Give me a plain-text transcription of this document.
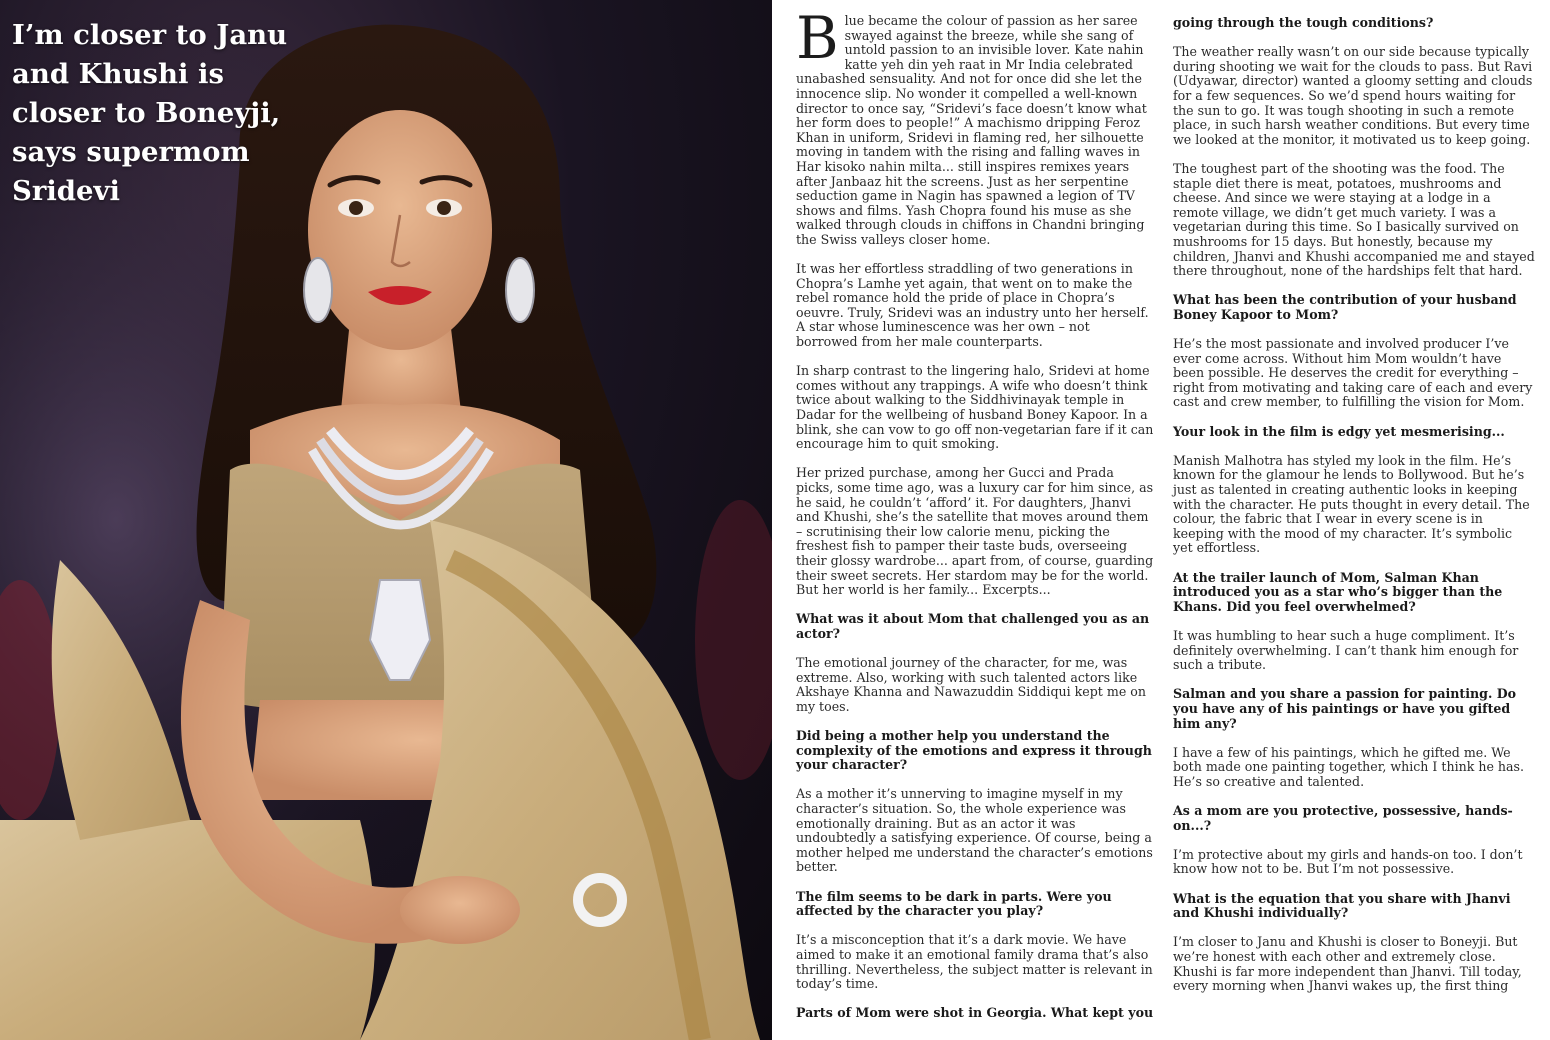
I’m closer to Janu and Khushi is closer to Boneyji, says supermom Sridevi

Blue became the colour of passion as her saree swayed against the breeze, while she sang of untold passion to an invisible lover. Kate nahin katte yeh din yeh raat in Mr India celebrated unabashed sensuality. And not for once did she let the innocence slip. No wonder it compelled a well-known director to once say, “Sridevi’s face doesn’t know what her form does to people!” A machismo dripping Feroz Khan in uniform, Sridevi in flaming red, her silhouette moving in tandem with the rising and falling waves in Har kisoko nahin milta... still inspires remixes years after Janbaaz hit the screens. Just as her serpentine seduction game in Nagin has spawned a legion of TV shows and films. Yash Chopra found his muse as she walked through clouds in chiffons in Chandni bringing the Swiss valleys closer home.

It was her effortless straddling of two generations in Chopra’s Lamhe yet again, that went on to make the rebel romance hold the pride of place in Chopra’s oeuvre. Truly, Sridevi was an industry unto her herself. A star whose luminescence was her own – not borrowed from her male counterparts.

In sharp contrast to the lingering halo, Sridevi at home comes without any trappings. A wife who doesn’t think twice about walking to the Siddhivinayak temple in Dadar for the wellbeing of husband Boney Kapoor. In a blink, she can vow to go off non-vegetarian fare if it can encourage him to quit smoking.

Her prized purchase, among her Gucci and Prada picks, some time ago, was a luxury car for him since, as he said, he couldn’t ‘afford’ it. For daughters, Jhanvi and Khushi, she’s the satellite that moves around them – scrutinising their low calorie menu, picking the freshest fish to pamper their taste buds, overseeing their glossy wardrobe... apart from, of course, guarding their sweet secrets. Her stardom may be for the world. But her world is her family... Excerpts...

What was it about Mom that challenged you as an actor?

The emotional journey of the character, for me, was extreme. Also, working with such talented actors like Akshaye Khanna and Nawazuddin Siddiqui kept me on my toes.

Did being a mother help you understand the complexity of the emotions and express it through your character?

As a mother it’s unnerving to imagine myself in my character’s situation. So, the whole experience was emotionally draining. But as an actor it was undoubtedly a satisfying experience. Of course, being a mother helped me understand the character’s emotions better.

The film seems to be dark in parts. Were you affected by the character you play?

It’s a misconception that it’s a dark movie. We have aimed to make it an emotional family drama that’s also thrilling. Nevertheless, the subject matter is relevant in today’s time.

Parts of Mom were shot in Georgia. What kept you

going through the tough conditions?

The weather really wasn’t on our side because typically during shooting we wait for the clouds to pass. But Ravi (Udyawar, director) wanted a gloomy setting and clouds for a few sequences. So we’d spend hours waiting for the sun to go. It was tough shooting in such a remote place, in such harsh weather conditions. But every time we looked at the monitor, it motivated us to keep going.

The toughest part of the shooting was the food. The staple diet there is meat, potatoes, mushrooms and cheese. And since we were staying at a lodge in a remote village, we didn’t get much variety. I was a vegetarian during this time. So I basically survived on mushrooms for 15 days. But honestly, because my children, Jhanvi and Khushi accompanied me and stayed there throughout, none of the hardships felt that hard.

What has been the contribution of your husband Boney Kapoor to Mom?

He’s the most passionate and involved producer I’ve ever come across. Without him Mom wouldn’t have been possible. He deserves the credit for everything – right from motivating and taking care of each and every cast and crew member, to fulfilling the vision for Mom.

Your look in the film is edgy yet mesmerising...

Manish Malhotra has styled my look in the film. He’s known for the glamour he lends to Bollywood. But he’s just as talented in creating authentic looks in keeping with the character. He puts thought in every detail. The colour, the fabric that I wear in every scene is in keeping with the mood of my character. It’s symbolic yet effortless.

At the trailer launch of Mom, Salman Khan introduced you as a star who’s bigger than the Khans. Did you feel overwhelmed?

It was humbling to hear such a huge compliment. It’s definitely overwhelming. I can’t thank him enough for such a tribute.

Salman and you share a passion for painting. Do you have any of his paintings or have you gifted him any?

I have a few of his paintings, which he gifted me. We both made one painting together, which I think he has. He’s so creative and talented.

As a mom are you protective, possessive, hands-on...?

I’m protective about my girls and hands-on too. I don’t know how not to be. But I’m not possessive.

What is the equation that you share with Jhanvi and Khushi individually?

I’m closer to Janu and Khushi is closer to Boneyji. But we’re honest with each other and extremely close. Khushi is far more independent than Jhanvi. Till today, every morning when Jhanvi wakes up, the first thing
